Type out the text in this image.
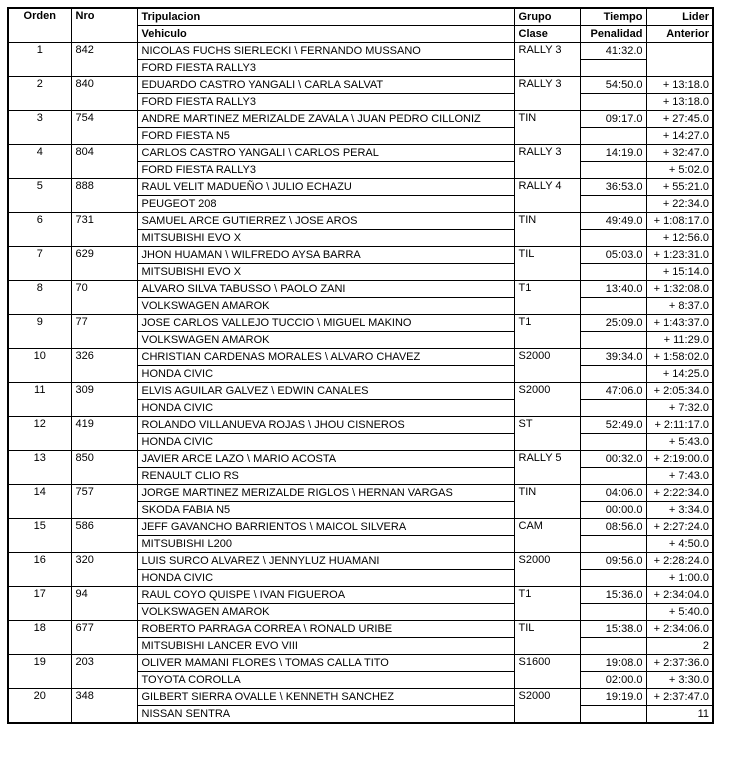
Orden	Nro	Tripulacion	Grupo	Tiempo	Lider
		Vehiculo	Clase	Penalidad	Anterior
1	842	NICOLAS FUCHS SIERLECKI \ FERNANDO MUSSANO	RALLY 3	41:32.0	
		FORD FIESTA RALLY3			
2	840	EDUARDO CASTRO YANGALI \ CARLA SALVAT	RALLY 3	54:50.0	+ 13:18.0
		FORD FIESTA RALLY3			+ 13:18.0
3	754	ANDRE MARTINEZ MERIZALDE ZAVALA \ JUAN PEDRO CILLONIZ	TIN	09:17.0	+ 27:45.0
		FORD FIESTA N5			+ 14:27.0
4	804	CARLOS CASTRO YANGALI \ CARLOS PERAL	RALLY 3	14:19.0	+ 32:47.0
		FORD FIESTA RALLY3			+ 5:02.0
5	888	RAUL VELIT MADUEÑO \ JULIO ECHAZU	RALLY 4	36:53.0	+ 55:21.0
		PEUGEOT 208			+ 22:34.0
6	731	SAMUEL ARCE GUTIERREZ \ JOSE AROS	TIN	49:49.0	+ 1:08:17.0
		MITSUBISHI EVO X			+ 12:56.0
7	629	JHON HUAMAN \ WILFREDO AYSA BARRA	TIL	05:03.0	+ 1:23:31.0
		MITSUBISHI EVO X			+ 15:14.0
8	70	ALVARO SILVA TABUSSO \ PAOLO ZANI	T1	13:40.0	+ 1:32:08.0
		VOLKSWAGEN AMAROK			+ 8:37.0
9	77	JOSE CARLOS VALLEJO TUCCIO \ MIGUEL MAKINO	T1	25:09.0	+ 1:43:37.0
		VOLKSWAGEN AMAROK			+ 11:29.0
10	326	CHRISTIAN CARDENAS MORALES \ ALVARO CHAVEZ	S2000	39:34.0	+ 1:58:02.0
		HONDA CIVIC			+ 14:25.0
11	309	ELVIS AGUILAR GALVEZ \ EDWIN CANALES	S2000	47:06.0	+ 2:05:34.0
		HONDA CIVIC			+ 7:32.0
12	419	ROLANDO VILLANUEVA ROJAS \ JHOU CISNEROS	ST	52:49.0	+ 2:11:17.0
		HONDA CIVIC			+ 5:43.0
13	850	JAVIER ARCE LAZO \ MARIO ACOSTA	RALLY 5	00:32.0	+ 2:19:00.0
		RENAULT CLIO RS			+ 7:43.0
14	757	JORGE MARTINEZ MERIZALDE RIGLOS \ HERNAN VARGAS	TIN	04:06.0	+ 2:22:34.0
		SKODA FABIA N5		00:00.0	+ 3:34.0
15	586	JEFF GAVANCHO BARRIENTOS \ MAICOL SILVERA	CAM	08:56.0	+ 2:27:24.0
		MITSUBISHI L200			+ 4:50.0
16	320	LUIS SURCO ALVAREZ \ JENNYLUZ HUAMANI	S2000	09:56.0	+ 2:28:24.0
		HONDA CIVIC			+ 1:00.0
17	94	RAUL COYO QUISPE \ IVAN FIGUEROA	T1	15:36.0	+ 2:34:04.0
		VOLKSWAGEN AMAROK			+ 5:40.0
18	677	ROBERTO PARRAGA CORREA \ RONALD URIBE	TIL	15:38.0	+ 2:34:06.0
		MITSUBISHI LANCER EVO VIII			2
19	203	OLIVER MAMANI FLORES \ TOMAS CALLA TITO	S1600	19:08.0	+ 2:37:36.0
		TOYOTA COROLLA		02:00.0	+ 3:30.0
20	348	GILBERT SIERRA OVALLE \ KENNETH SANCHEZ	S2000	19:19.0	+ 2:37:47.0
		NISSAN SENTRA			11
